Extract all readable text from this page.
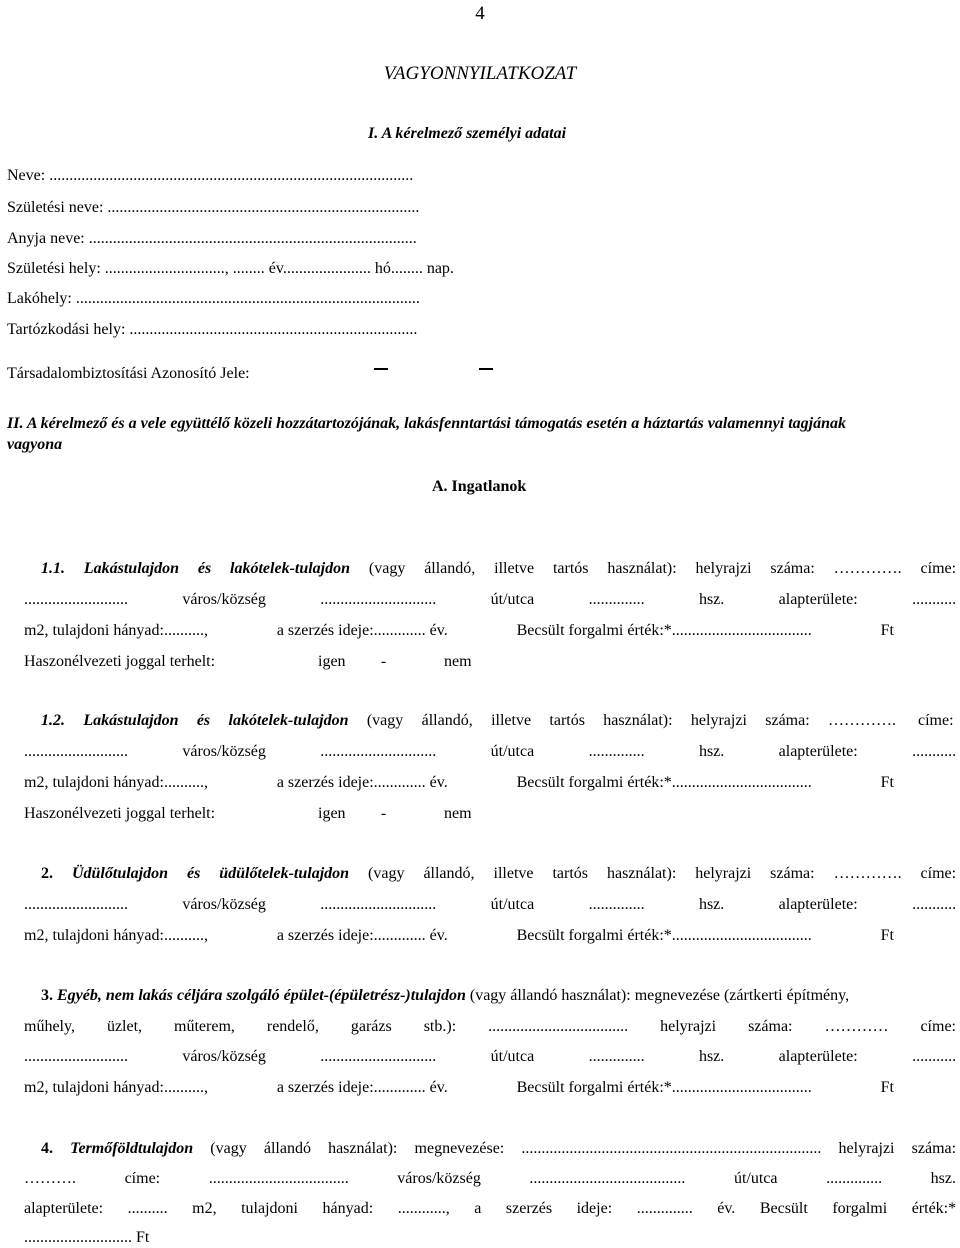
4
VAGYONNYILATKOZAT
I. A kérelmező személyi adatai
Neve: ...........................................................................................
Születési neve: ..............................................................................
Anyja neve: ..................................................................................
Születési hely: .............................., ........ év...................... hó........ nap.
Lakóhely: ......................................................................................
Tartózkodási hely: ........................................................................
Társadalombiztosítási Azonosító Jele:
II. A kérelmező és a vele együttélő közeli hozzátartozójának, lakásfenntartási támogatás esetén a háztartás valamennyi tagjának
vagyona
A. Ingatlanok
1.1. Lakástulajdon és lakótelek-tulajdon (vagy állandó, illetve tartós használat): helyrajzi száma: …………. címe:
..........................	város/község	.............................	út/utca	..............	hsz.	alapterülete:	...........
m2, tulajdoni hányad:..........,	a szerzés ideje:............. év.	Becsült forgalmi érték:*...................................	Ft
Haszonélvezeti joggal terhelt:	igen -	nem
1.2. Lakástulajdon és lakótelek-tulajdon (vagy állandó, illetve tartós használat): helyrajzi száma: …………. címe:
..........................	város/község	.............................	út/utca	..............	hsz.	alapterülete:	...........
m2, tulajdoni hányad:..........,	a szerzés ideje:............. év.	Becsült forgalmi érték:*...................................	Ft
Haszonélvezeti joggal terhelt:	igen -	nem
2. Üdülőtulajdon és üdülőtelek-tulajdon (vagy állandó, illetve tartós használat): helyrajzi száma: …………. címe:
..........................	város/község	.............................	út/utca	..............	hsz.	alapterülete:	...........
m2, tulajdoni hányad:..........,	a szerzés ideje:............. év.	Becsült forgalmi érték:*...................................	Ft
3. Egyéb, nem lakás céljára szolgáló épület-(épületrész-)tulajdon (vagy állandó használat): megnevezése (zártkerti építmény,
műhely, üzlet, műterem, rendelő, garázs stb.): ................................... helyrajzi száma: ………… címe:
..........................	város/község	.............................	út/utca	..............	hsz.	alapterülete:	...........
m2, tulajdoni hányad:..........,	a szerzés ideje:............. év.	Becsült forgalmi érték:*...................................	Ft
4. Termőföldtulajdon (vagy állandó használat): megnevezése: ........................................................................... helyrajzi száma:
……….	címe:	...................................	város/község	.......................................	út/utca	..............	hsz.
alapterülete: .......... m2, tulajdoni hányad: ............, a szerzés ideje: .............. év. Becsült forgalmi érték:*
........................... Ft
